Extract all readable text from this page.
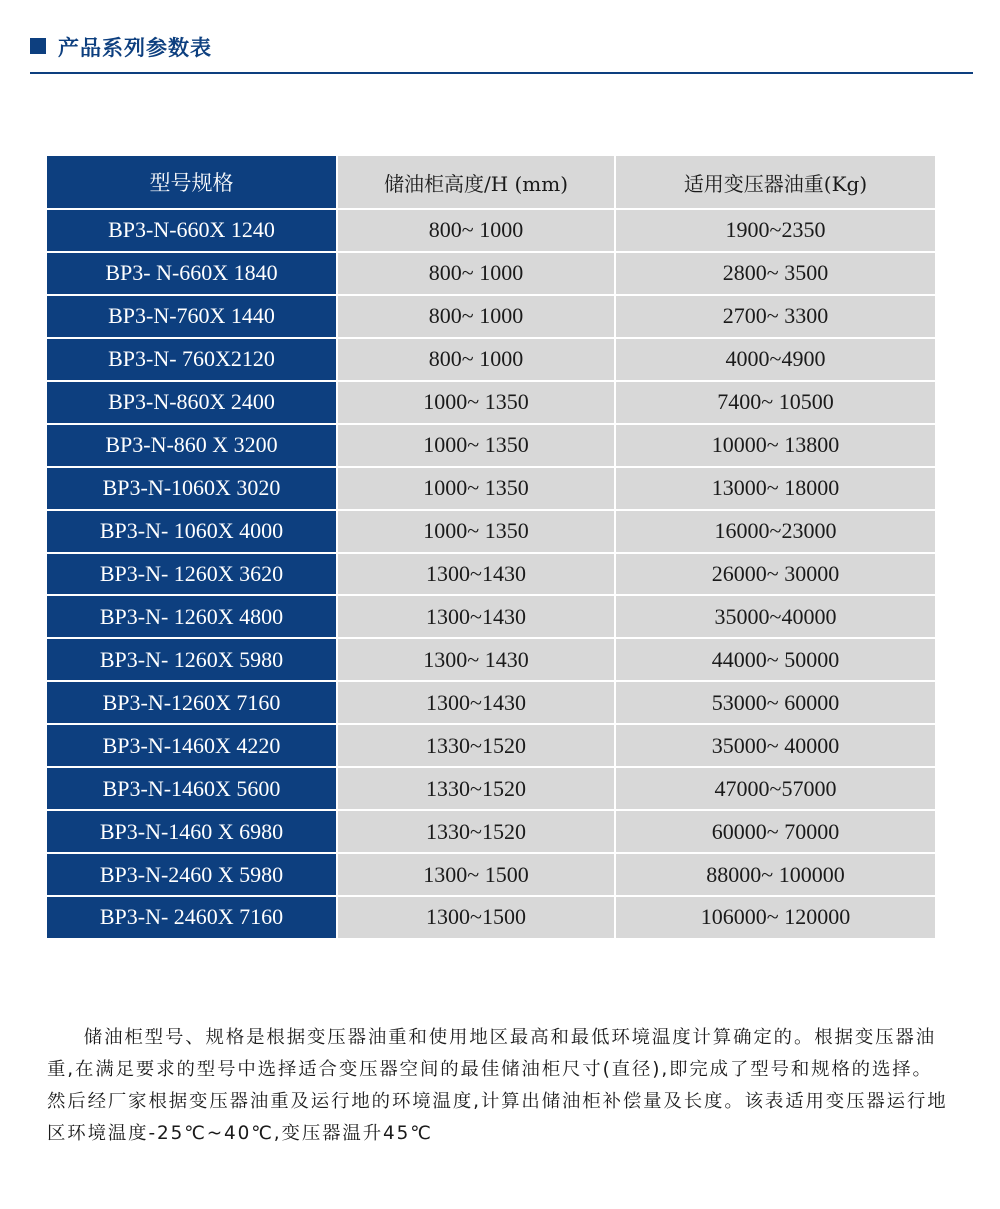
产品系列参数表
型号规格	储油柜高度/H (mm)	适用变压器油重(Kg)
BP3-N-660X 1240	800~ 1000	1900~2350
BP3- N-660X 1840	800~ 1000	2800~ 3500
BP3-N-760X 1440	800~ 1000	2700~ 3300
BP3-N- 760X2120	800~ 1000	4000~4900
BP3-N-860X 2400	1000~ 1350	7400~ 10500
BP3-N-860 X 3200	1000~ 1350	10000~ 13800
BP3-N-1060X 3020	1000~ 1350	13000~ 18000
BP3-N- 1060X 4000	1000~ 1350	16000~23000
BP3-N- 1260X 3620	1300~1430	26000~ 30000
BP3-N- 1260X 4800	1300~1430	35000~40000
BP3-N- 1260X 5980	1300~ 1430	44000~ 50000
BP3-N-1260X 7160	1300~1430	53000~ 60000
BP3-N-1460X 4220	1330~1520	35000~ 40000
BP3-N-1460X 5600	1330~1520	47000~57000
BP3-N-1460 X 6980	1330~1520	60000~ 70000
BP3-N-2460 X 5980	1300~ 1500	88000~ 100000
BP3-N- 2460X 7160	1300~1500	106000~ 120000

储油柜型号、规格是根据变压器油重和使用地区最高和最低环境温度计算确定的。根据变压器油重,在满足要求的型号中选择适合变压器空间的最佳储油柜尺寸(直径),即完成了型号和规格的选择。然后经厂家根据变压器油重及运行地的环境温度,计算出储油柜补偿量及长度。该表适用变压器运行地区环境温度-25℃~40℃,变压器温升45℃
